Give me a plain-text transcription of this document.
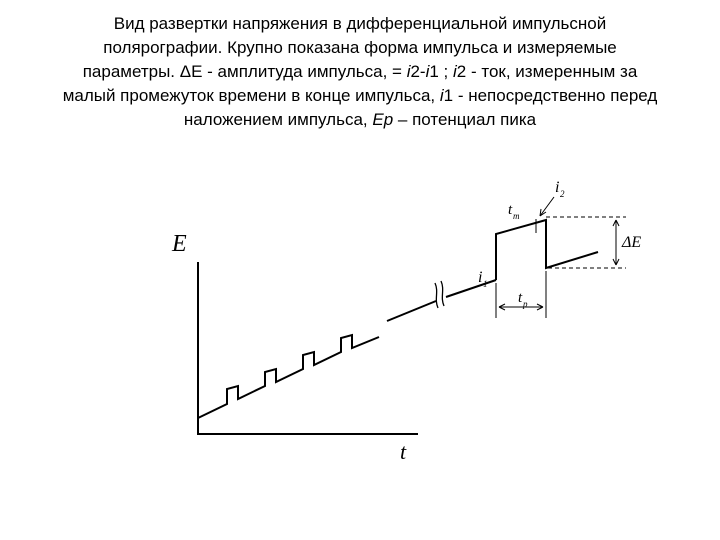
Вид развертки напряжения в дифференциальной импульсной
полярографии. Крупно показана форма импульса и измеряемые
параметры. ΔЕ - амплитуда импульса, = i2-i1 ; i2 - ток, измеренным за
малый промежуток времени в конце импульса, i1 - непосредственно перед
наложением импульса, Ep – потенциал пика
E
t
t m
i 2
i 1
t p
ΔE
